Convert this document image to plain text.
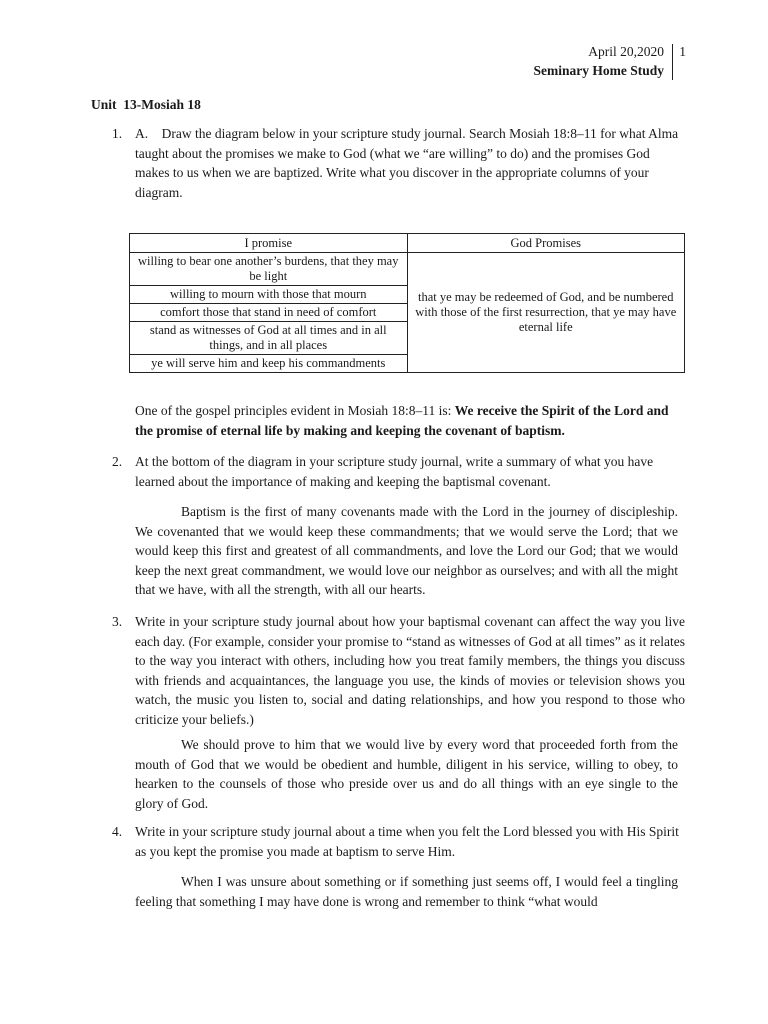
April 20,2020 1
Seminary Home Study
Unit  13-Mosiah 18
1. A.    Draw the diagram below in your scripture study journal. Search Mosiah 18:8–11 for what Alma taught about the promises we make to God (what we “are willing” to do) and the promises God makes to us when we are baptized. Write what you discover in the appropriate columns of your diagram.
I promise	God Promises
willing to bear one another’s burdens, that they may be light	that ye may be redeemed of God, and be numbered with those of the first resurrection, that ye may have eternal life
willing to mourn with those that mourn	
comfort those that stand in need of comfort	
stand as witnesses of God at all times and in all things, and in all places	
ye will serve him and keep his commandments	
One of the gospel principles evident in Mosiah 18:8–11 is: We receive the Spirit of the Lord and the promise of eternal life by making and keeping the covenant of baptism.
2. At the bottom of the diagram in your scripture study journal, write a summary of what you have learned about the importance of making and keeping the baptismal covenant.
Baptism is the first of many covenants made with the Lord in the journey of discipleship. We covenanted that we would keep these commandments; that we would serve the Lord; that we would keep this first and greatest of all commandments, and love the Lord our God; that we would keep the next great commandment, we would love our neighbor as ourselves; and with all the might that we have, with all the strength, with all our hearts.
3. Write in your scripture study journal about how your baptismal covenant can affect the way you live each day. (For example, consider your promise to “stand as witnesses of God at all times” as it relates to the way you interact with others, including how you treat family members, the things you discuss with friends and acquaintances, the language you use, the kinds of movies or television shows you watch, the music you listen to, social and dating relationships, and how you respond to those who criticize your beliefs.)
We should prove to him that we would live by every word that proceeded forth from the mouth of God that we would be obedient and humble, diligent in his service, willing to obey, to hearken to the counsels of those who preside over us and do all things with an eye single to the glory of God.
4. Write in your scripture study journal about a time when you felt the Lord blessed you with His Spirit as you kept the promise you made at baptism to serve Him.
When I was unsure about something or if something just seems off, I would feel a tingling feeling that something I may have done is wrong and remember to think “what would
